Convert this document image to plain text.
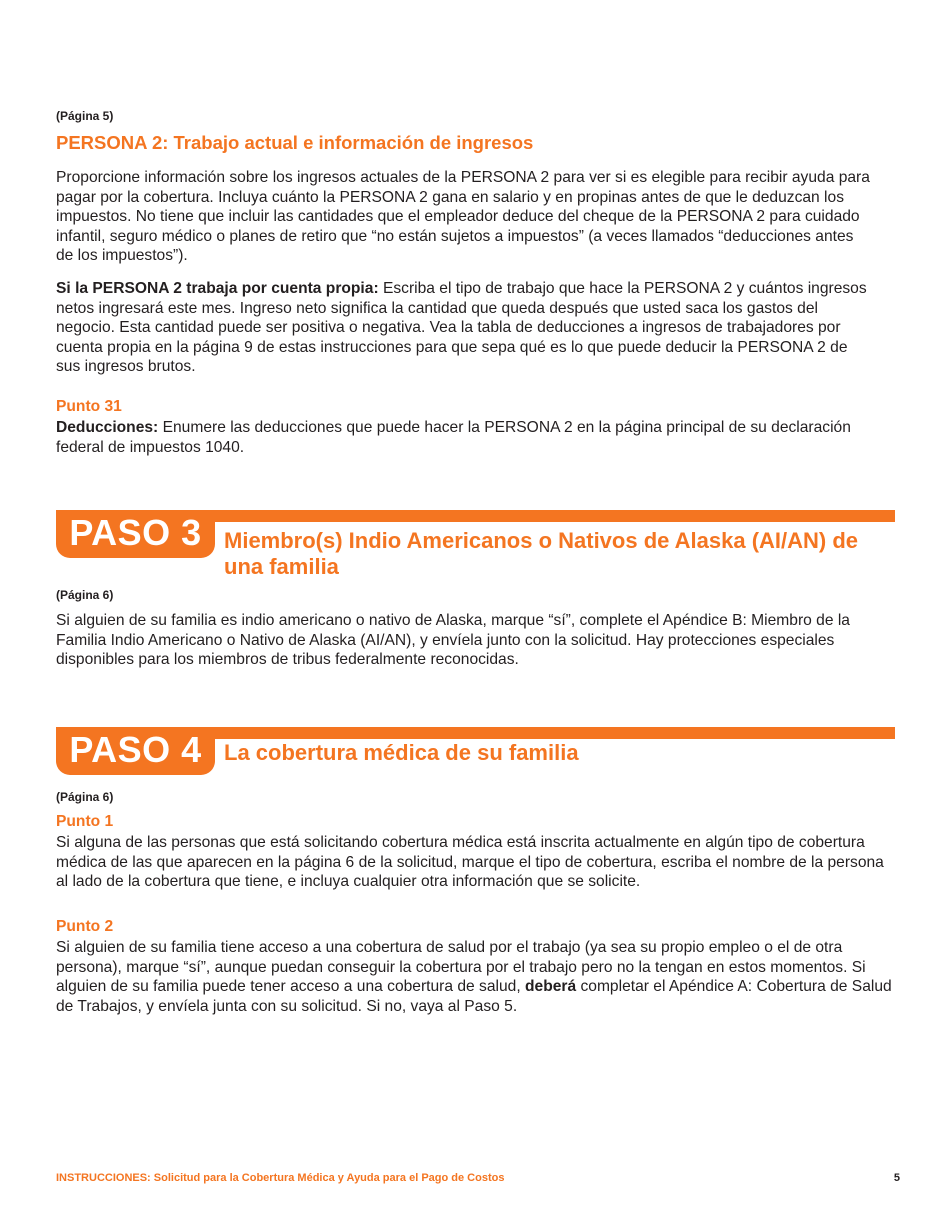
(Página 5)
PERSONA 2: Trabajo actual e información de ingresos

Proporcione información sobre los ingresos actuales de la PERSONA 2 para ver si es elegible para recibir ayuda para pagar por la cobertura. Incluya cuánto la PERSONA 2 gana en salario y en propinas antes de que le deduzcan los impuestos. No tiene que incluir las cantidades que el empleador deduce del cheque de la PERSONA 2 para cuidado infantil, seguro médico o planes de retiro que “no están sujetos a impuestos” (a veces llamados “deducciones antes de los impuestos”).

Si la PERSONA 2 trabaja por cuenta propia: Escriba el tipo de trabajo que hace la PERSONA 2 y cuántos ingresos netos ingresará este mes. Ingreso neto significa la cantidad que queda después que usted saca los gastos del negocio. Esta cantidad puede ser positiva o negativa. Vea la tabla de deducciones a ingresos de trabajadores por cuenta propia en la página 9 de estas instrucciones para que sepa qué es lo que puede deducir la PERSONA 2 de sus ingresos brutos.

Punto 31

Deducciones: Enumere las deducciones que puede hacer la PERSONA 2 en la página principal de su declaración federal de impuestos 1040.

PASO 3	Miembro(s) Indio Americanos o Nativos de Alaska (AI/AN) de una familia
(Página 6)

Si alguien de su familia es indio americano o nativo de Alaska, marque “sí”, complete el Apéndice B: Miembro de la Familia Indio Americano o Nativo de Alaska (AI/AN), y envíela junto con la solicitud. Hay protecciones especiales disponibles para los miembros de tribus federalmente reconocidas.

PASO 4	La cobertura médica de su familia
(Página 6)
Punto 1

Si alguna de las personas que está solicitando cobertura médica está inscrita actualmente en algún tipo de cobertura médica de las que aparecen en la página 6 de la solicitud, marque el tipo de cobertura, escriba el nombre de la persona al lado de la cobertura que tiene, e incluya cualquier otra información que se solicite.

Punto 2

Si alguien de su familia tiene acceso a una cobertura de salud por el trabajo (ya sea su propio empleo o el de otra persona), marque “sí”, aunque puedan conseguir la cobertura por el trabajo pero no la tengan en estos momentos. Si alguien de su familia puede tener acceso a una cobertura de salud, deberá completar el Apéndice A: Cobertura de Salud de Trabajos, y envíela junta con su solicitud. Si no, vaya al Paso 5.

INSTRUCCIONES: Solicitud para la Cobertura Médica y Ayuda para el Pago de Costos	5
